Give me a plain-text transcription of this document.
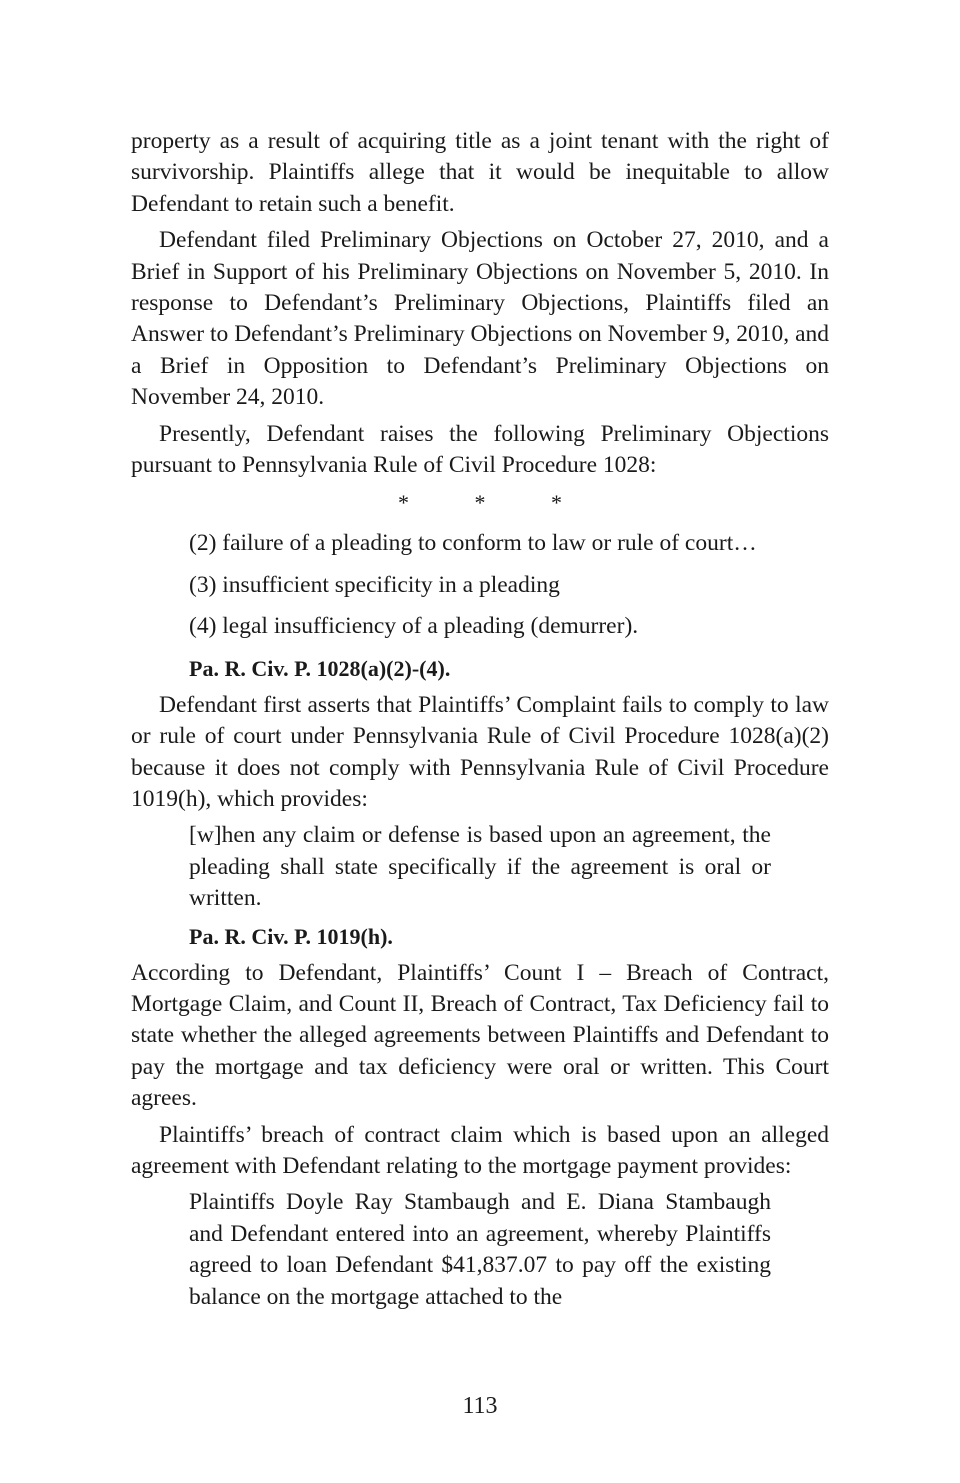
property as a result of acquiring title as a joint tenant with the right of survivorship. Plaintiffs allege that it would be inequitable to allow Defendant to retain such a benefit.

Defendant filed Preliminary Objections on October 27, 2010, and a Brief in Support of his Preliminary Objections on November 5, 2010. In response to Defendant’s Preliminary Objections, Plaintiffs filed an Answer to Defendant’s Preliminary Objections on November 9, 2010, and a Brief in Opposition to Defendant’s Preliminary Objections on November 24, 2010.

Presently, Defendant raises the following Preliminary Objections pursuant to Pennsylvania Rule of Civil Procedure 1028:

* * *
(2) failure of a pleading to conform to law or rule of court…
(3) insufficient specificity in a pleading
(4) legal insufficiency of a pleading (demurrer).
Pa. R. Civ. P. 1028(a)(2)-(4).

Defendant first asserts that Plaintiffs’ Complaint fails to comply to law or rule of court under Pennsylvania Rule of Civil Procedure 1028(a)(2) because it does not comply with Pennsylvania Rule of Civil Procedure 1019(h), which provides:

[w]hen any claim or defense is based upon an agreement, the pleading shall state specifically if the agreement is oral or written.
Pa. R. Civ. P. 1019(h).

According to Defendant, Plaintiffs’ Count I – Breach of Contract, Mortgage Claim, and Count II, Breach of Contract, Tax Deficiency fail to state whether the alleged agreements between Plaintiffs and Defendant to pay the mortgage and tax deficiency were oral or written. This Court agrees.

Plaintiffs’ breach of contract claim which is based upon an alleged agreement with Defendant relating to the mortgage payment provides:

Plaintiffs Doyle Ray Stambaugh and E. Diana Stambaugh and Defendant entered into an agreement, whereby Plaintiffs agreed to loan Defendant $41,837.07 to pay off the existing balance on the mortgage attached to the
113
